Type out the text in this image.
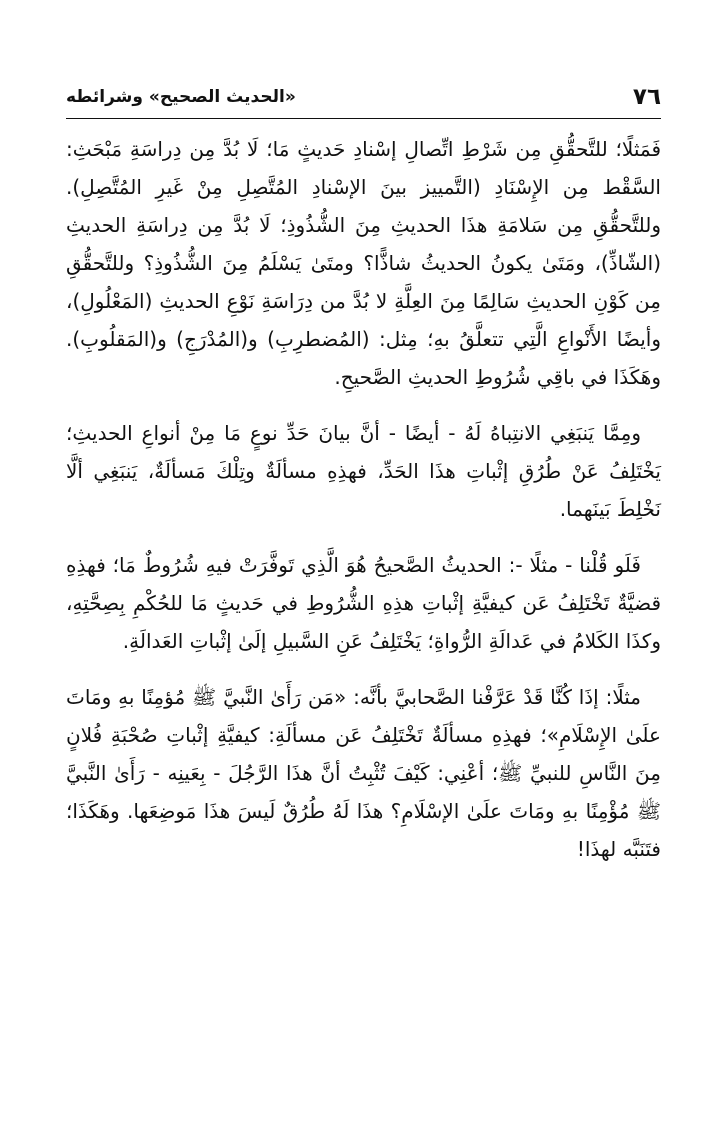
٧٦
«الحديث الصحيح» وشرائطه

فَمَثلًا؛ للتَّحقُّقِ مِن شَرْطِ اتِّصالِ إسْنادِ حَديثٍ مَا؛ لَا بُدَّ مِن دِراسَةِ مَبْحَثِ: السَّقْط مِن الإِسْنَادِ (التَّمييز بينَ الإسْنادِ المُتَّصِلِ مِنْ غَيرِ المُتَّصِلِ). وللتَّحقُّقِ مِن سَلامَةِ هذَا الحديثِ مِنَ الشُّذُوذِ؛ لَا بُدَّ مِن دِراسَةِ الحديثِ (الشّاذِّ)، ومَتَىٰ يكونُ الحديثُ شاذًّا؟ ومتَىٰ يَسْلَمُ مِنَ الشُّذُوذِ؟ وللتَّحقُّقِ مِن كَوْنِ الحديثِ سَالِمًا مِنَ العِلَّةِ لا بُدَّ من دِرَاسَةِ نَوْعِ الحديثِ (المَعْلُولِ)، وأيضًا الأَنْواعِ الَّتِي تتعلَّقُ بهِ؛ مِثل: (المُضطرِبِ) و(المُدْرَجِ) و(المَقلُوبِ). وهَكَذَا في باقِي شُرُوطِ الحديثِ الصَّحيحِ.

ومِمَّا يَنبَغِي الانتِباهُ لَهُ - أيضًا - أنَّ بيانَ حَدِّ نوعٍ مَا مِنْ أنواعِ الحديثِ؛ يَخْتَلِفُ عَنْ طُرُقِ إثْباتِ هذَا الحَدِّ، فهذِهِ مسألَةٌ وتِلْكَ مَسألَةٌ، يَنبَغِي ألَّا نَخْلِطَ بَينَهما.

فَلَو قُلْنا - مثلًا -: الحديثُ الصَّحيحُ هُوَ الَّذِي تَوفَّرَتْ فيهِ شُرُوطٌ مَا؛ فهذِهِ قضيَّةٌ تَخْتَلِفُ عَن كيفيَّةِ إثْباتِ هذِهِ الشُّرُوطِ في حَديثٍ مَا للحُكْمِ بِصِحَّتِهِ، وكذَا الكَلامُ في عَدالَةِ الرُّواةِ؛ يَخْتَلِفُ عَنِ السَّبيلِ إلَىٰ إثْباتِ العَدالَةِ.

مثلًا: إذَا كُنَّا قَدْ عَرَّفْنا الصَّحابيَّ بأنَّه: «مَن رَأَىٰ النَّبيَّ ﷺ مُؤمِنًا بهِ ومَاتَ علَىٰ الإِسْلَامِ»؛ فهذِهِ مسألَةٌ تَخْتَلِفُ عَن مسألَةِ: كيفيَّةِ إثْباتِ صُحْبَةِ فُلانٍ مِنَ النَّاسِ للنبيِّ ﷺ؛ أعْنِي: كَيْفَ تُثْبِتُ أنَّ هذَا الرَّجُلَ - بِعَينِه - رَأَىٰ النَّبيَّ ﷺ مُؤْمِنًا بهِ ومَاتَ علَىٰ الإسْلَامِ؟ هذَا لَهُ طُرُقٌ لَيسَ هذَا مَوضِعَها. وهَكَذَا؛ فتَنَبَّه لهذَا!
